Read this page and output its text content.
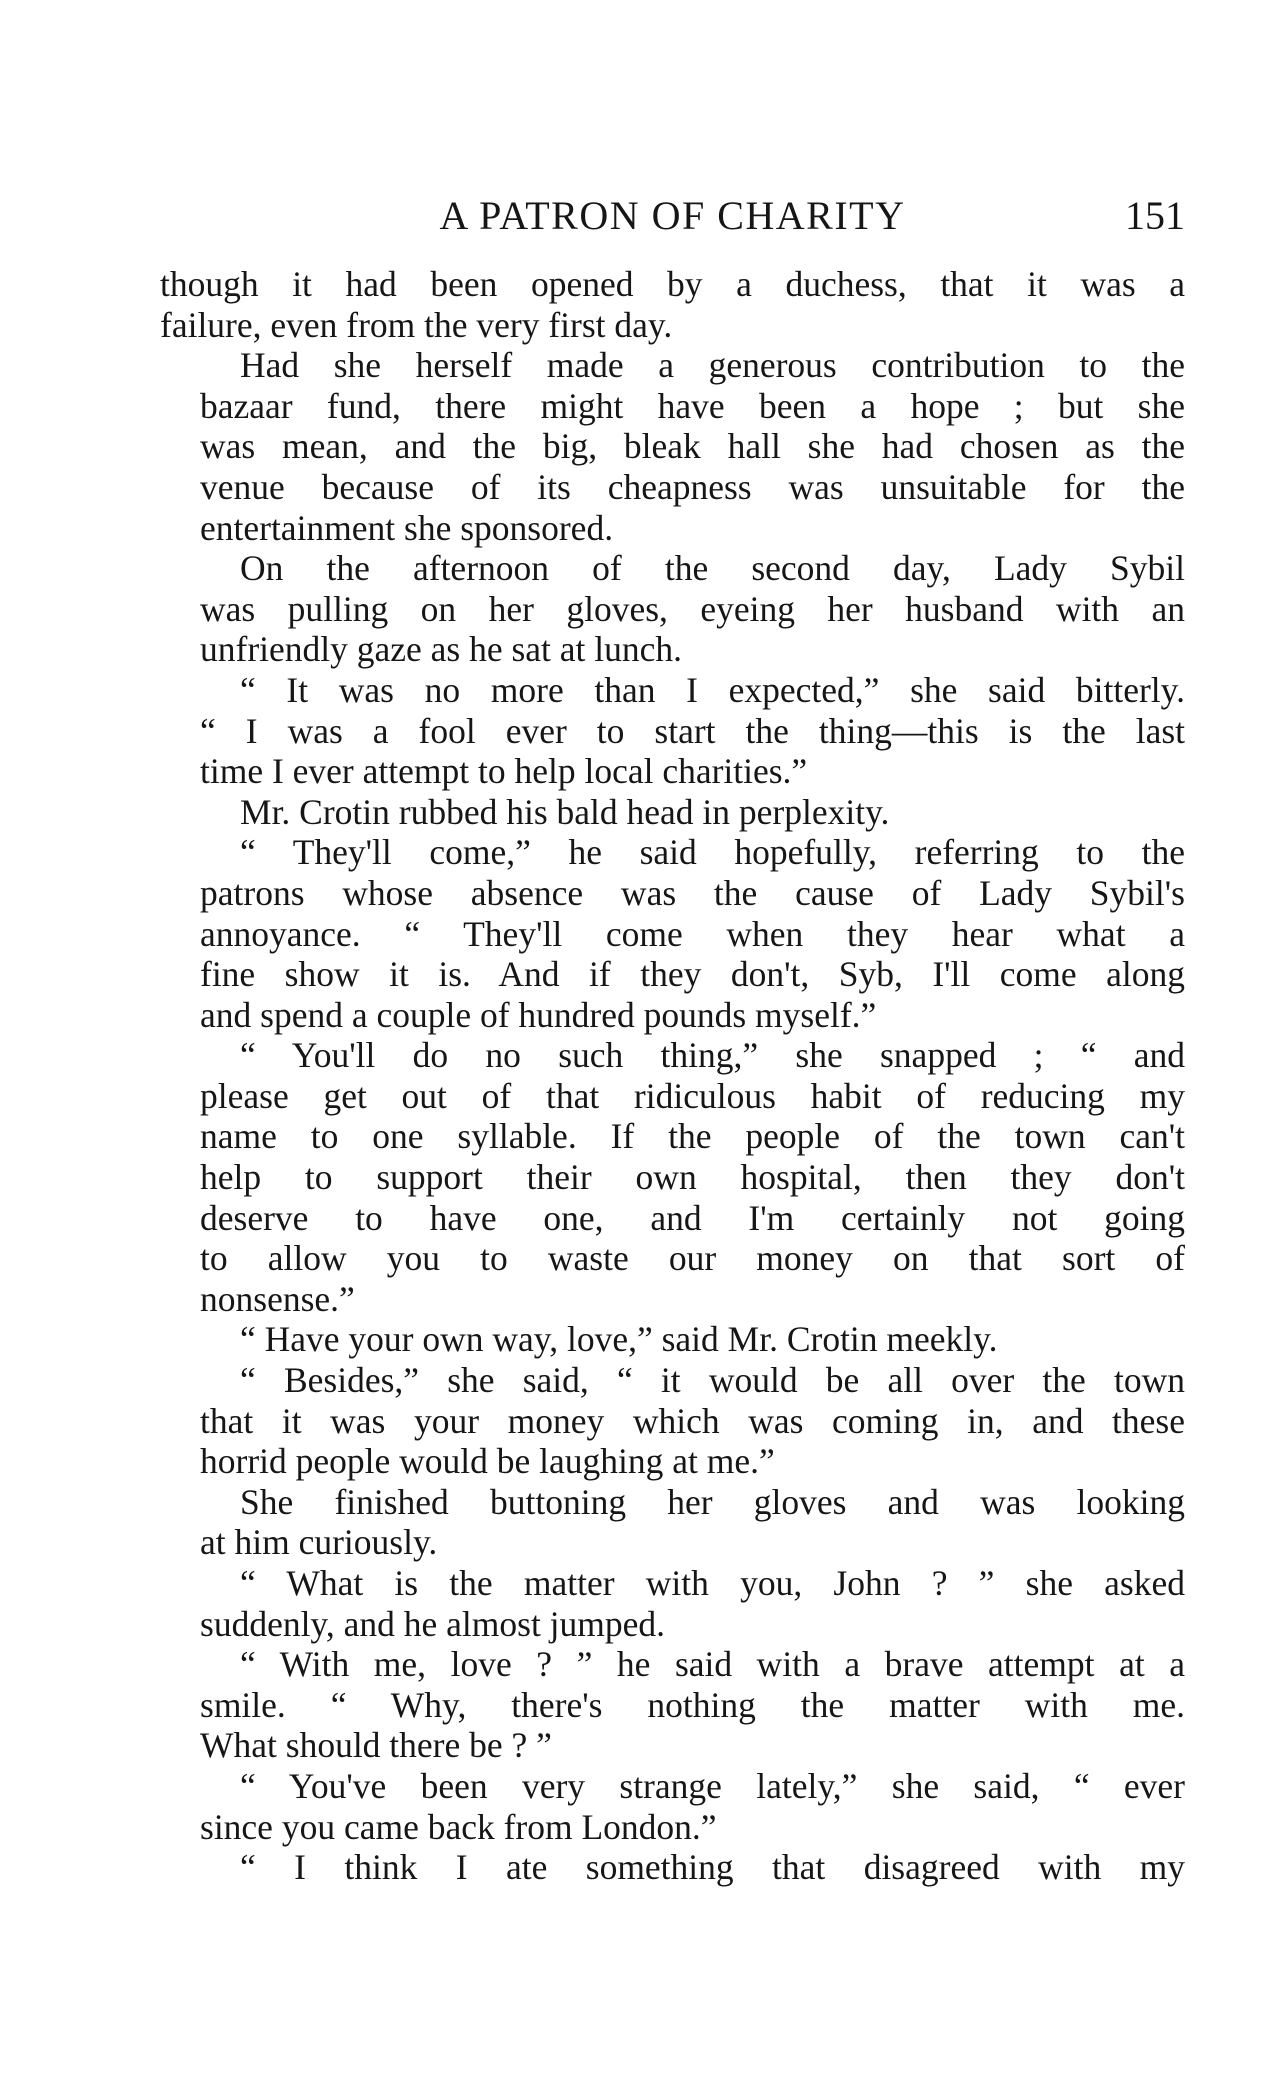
A PATRON OF CHARITY	151
though it had been opened by a duchess, that it was a
failure, even from the very first day.
Had she herself made a generous contribution to the
bazaar fund, there might have been a hope ; but she
was mean, and the big, bleak hall she had chosen as the
venue because of its cheapness was unsuitable for the
entertainment she sponsored.
On the afternoon of the second day, Lady Sybil
was pulling on her gloves, eyeing her husband with an
unfriendly gaze as he sat at lunch.
“ It was no more than I expected,” she said bitterly.
“ I was a fool ever to start the thing—this is the last
time I ever attempt to help local charities.”
Mr. Crotin rubbed his bald head in perplexity.
“ They'll come,” he said hopefully, referring to the
patrons whose absence was the cause of Lady Sybil's
annoyance. “ They'll come when they hear what a
fine show it is. And if they don't, Syb, I'll come along
and spend a couple of hundred pounds myself.”
“ You'll do no such thing,” she snapped ; “ and
please get out of that ridiculous habit of reducing my
name to one syllable. If the people of the town can't
help to support their own hospital, then they don't
deserve to have one, and I'm certainly not going
to allow you to waste our money on that sort of
nonsense.”
“ Have your own way, love,” said Mr. Crotin meekly.
“ Besides,” she said, “ it would be all over the town
that it was your money which was coming in, and these
horrid people would be laughing at me.”
She finished buttoning her gloves and was looking
at him curiously.
“ What is the matter with you, John ? ” she asked
suddenly, and he almost jumped.
“ With me, love ? ” he said with a brave attempt at a
smile. “ Why, there's nothing the matter with me.
What should there be ? ”
“ You've been very strange lately,” she said, “ ever
since you came back from London.”
“ I think I ate something that disagreed with my
